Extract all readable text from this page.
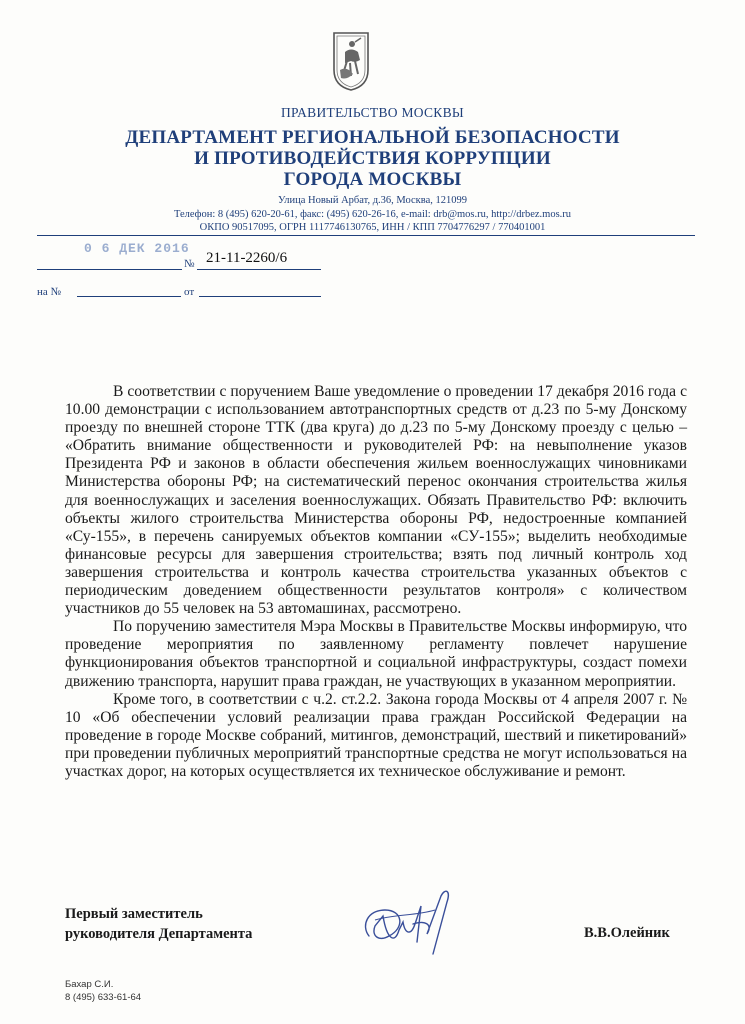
ПРАВИТЕЛЬСТВО МОСКВЫ
ДЕПАРТАМЕНТ РЕГИОНАЛЬНОЙ БЕЗОПАСНОСТИ
И ПРОТИВОДЕЙСТВИЯ КОРРУПЦИИ
ГОРОДА МОСКВЫ
Улица Новый Арбат, д.36, Москва, 121099
Телефон: 8 (495) 620-20-61, факс: (495) 620-26-16, e-mail: drb@mos.ru, http://drbez.mos.ru
ОКПО 90517095, ОГРН 1117746130765, ИНН / КПП 7704776297 / 770401001
0 6 ДЕК 2016
№ 21-11-2260/6
на №	от

В соответствии с поручением Ваше уведомление о проведении 17 декабря 2016 года с 10.00 демонстрации с использованием автотранспортных средств от д.23 по 5-му Донскому проезду по внешней стороне ТТК (два круга) до д.23 по 5-му Донскому проезду с целью – «Обратить внимание общественности и руководителей РФ: на невыполнение указов Президента РФ и законов в области обеспечения жильем военнослужащих чиновниками Министерства обороны РФ; на систематический перенос окончания строительства жилья для военнослужащих и заселения военнослужащих. Обязать Правительство РФ: включить объекты жилого строительства Министерства обороны РФ, недостроенные компанией «Су-155», в перечень санируемых объектов компании «СУ-155»; выделить необходимые финансовые ресурсы для завершения строительства; взять под личный контроль ход завершения строительства и контроль качества строительства указанных объектов с периодическим доведением общественности результатов контроля» с количеством участников до 55 человек на 53 автомашинах, рассмотрено.

По поручению заместителя Мэра Москвы в Правительстве Москвы информирую, что проведение мероприятия по заявленному регламенту повлечет нарушение функционирования объектов транспортной и социальной инфраструктуры, создаст помехи движению транспорта, нарушит права граждан, не участвующих в указанном мероприятии.

Кроме того, в соответствии с ч.2. ст.2.2. Закона города Москвы от 4 апреля 2007 г. № 10 «Об обеспечении условий реализации права граждан Российской Федерации на проведение в городе Москве собраний, митингов, демонстраций, шествий и пикетирований» при проведении публичных мероприятий транспортные средства не могут использоваться на участках дорог, на которых осуществляется их техническое обслуживание и ремонт.

Первый заместитель
руководителя Департамента	В.В.Олейник
Бахар С.И.
8 (495) 633-61-64
